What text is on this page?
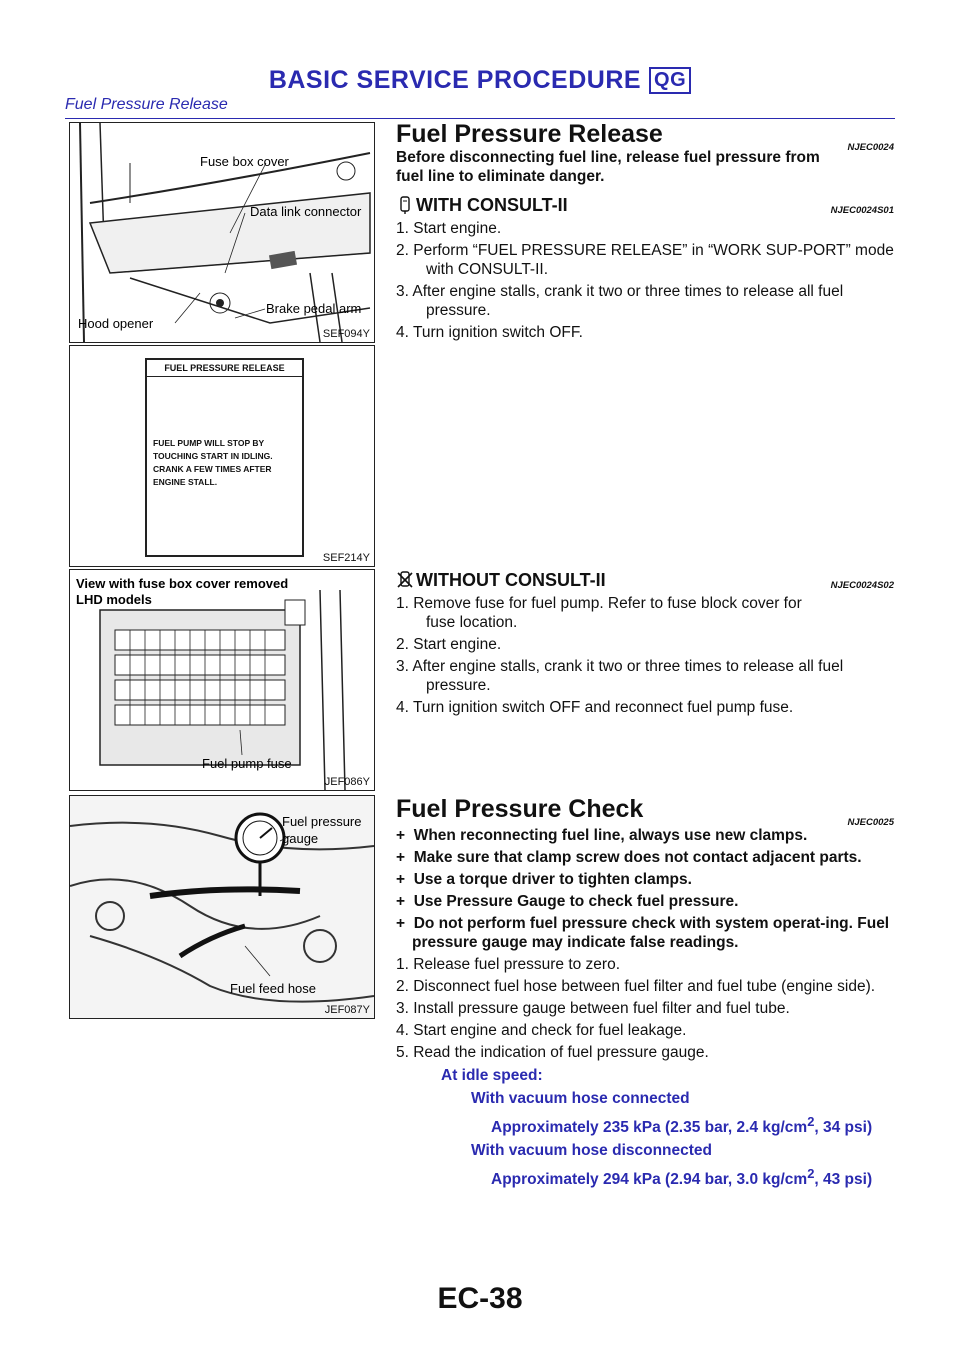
BASIC SERVICE PROCEDURE QG
Fuel Pressure Release
Fuse box cover
Data link connector
Hood opener
Brake pedal arm
SEF094Y
FUEL PRESSURE RELEASE
FUEL PUMP WILL STOP BY
TOUCHING START IN IDLING.
CRANK A FEW TIMES AFTER
ENGINE STALL.
SEF214Y
View with fuse box cover removed
LHD models
Fuel pump fuse
JEF086Y
Fuel pressure
gauge
Fuel feed hose
JEF087Y
Fuel Pressure Release	NJEC0024
Before disconnecting fuel line, release fuel pressure from fuel line to eliminate danger.
WITH CONSULT-II	NJEC0024S01
1. Start engine.
2. Perform “FUEL PRESSURE RELEASE” in “WORK SUP-PORT” mode with CONSULT-II.
3. After engine stalls, crank it two or three times to release all fuel pressure.
4. Turn ignition switch OFF.
WITHOUT CONSULT-II	NJEC0024S02
1. Remove fuse for fuel pump. Refer to fuse block cover for fuse location.
2. Start engine.
3. After engine stalls, crank it two or three times to release all fuel pressure.
4. Turn ignition switch OFF and reconnect fuel pump fuse.
Fuel Pressure Check	NJEC0025
+ When reconnecting fuel line, always use new clamps.
+ Make sure that clamp screw does not contact adjacent parts.
+ Use a torque driver to tighten clamps.
+ Use Pressure Gauge to check fuel pressure.
+ Do not perform fuel pressure check with system operat-ing. Fuel pressure gauge may indicate false readings.
1. Release fuel pressure to zero.
2. Disconnect fuel hose between fuel filter and fuel tube (engine side).
3. Install pressure gauge between fuel filter and fuel tube.
4. Start engine and check for fuel leakage.
5. Read the indication of fuel pressure gauge.
At idle speed:
With vacuum hose connected
Approximately 235 kPa (2.35 bar, 2.4 $kg/cm^2$, 34 psi)
With vacuum hose disconnected
Approximately 294 kPa (2.94 bar, 3.0 $kg/cm^2$, 43 psi)
EC-38
